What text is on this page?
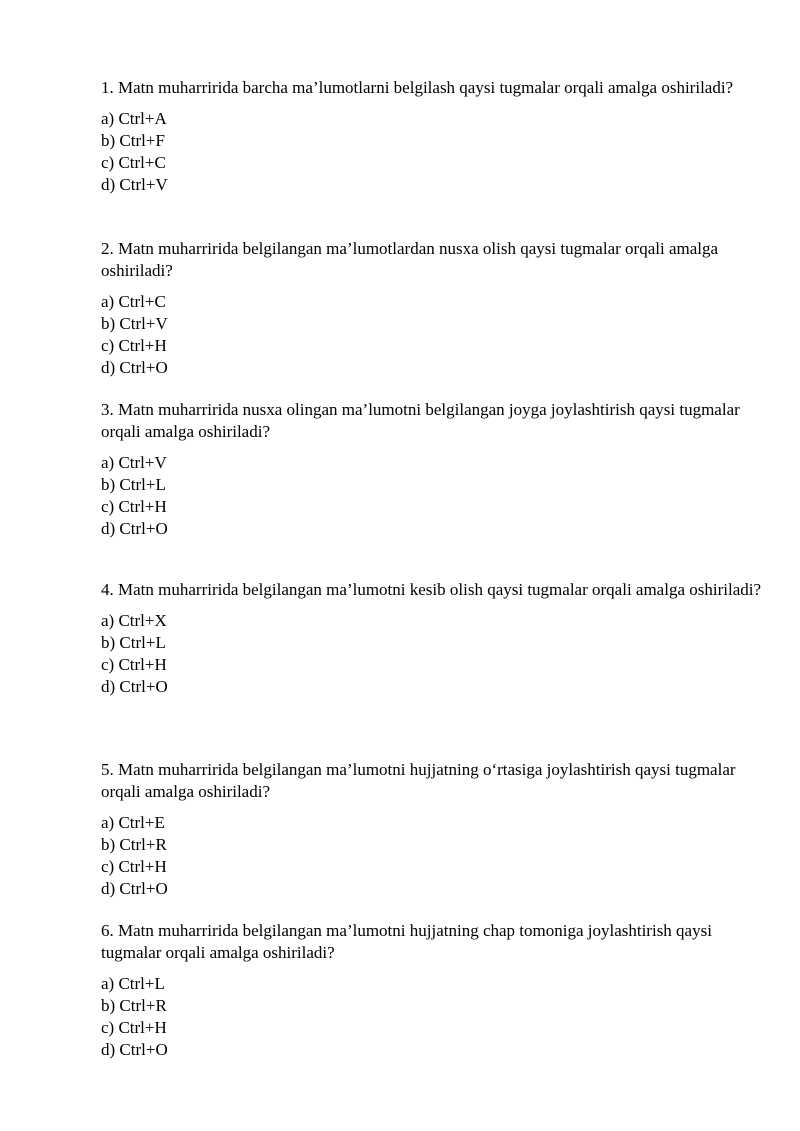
1. Matn muharririda barcha ma’lumotlarni belgilash qaysi tugmalar orqali amalga oshiriladi?

a) Ctrl+A
b) Ctrl+F
c) Ctrl+C
d) Ctrl+V

2. Matn muharririda belgilangan ma’lumotlardan nusxa olish qaysi tugmalar orqali amalga oshiriladi?

a) Ctrl+C
b) Ctrl+V
c) Ctrl+H
d) Ctrl+O

3. Matn muharririda nusxa olingan ma’lumotni belgilangan joyga joylashtirish qaysi tugmalar orqali amalga oshiriladi?

a) Ctrl+V
b) Ctrl+L
c) Ctrl+H
d) Ctrl+O

4. Matn muharririda belgilangan ma’lumotni kesib olish qaysi tugmalar orqali amalga oshiriladi?

a) Ctrl+X
b) Ctrl+L
c) Ctrl+H
d) Ctrl+O

5. Matn muharririda belgilangan ma’lumotni hujjatning o‘rtasiga joylashtirish qaysi tugmalar orqali amalga oshiriladi?

a) Ctrl+E
b) Ctrl+R
c) Ctrl+H
d) Ctrl+O

6. Matn muharririda belgilangan ma’lumotni hujjatning chap tomoniga joylashtirish qaysi tugmalar orqali amalga oshiriladi?

a) Ctrl+L
b) Ctrl+R
c) Ctrl+H
d) Ctrl+O
